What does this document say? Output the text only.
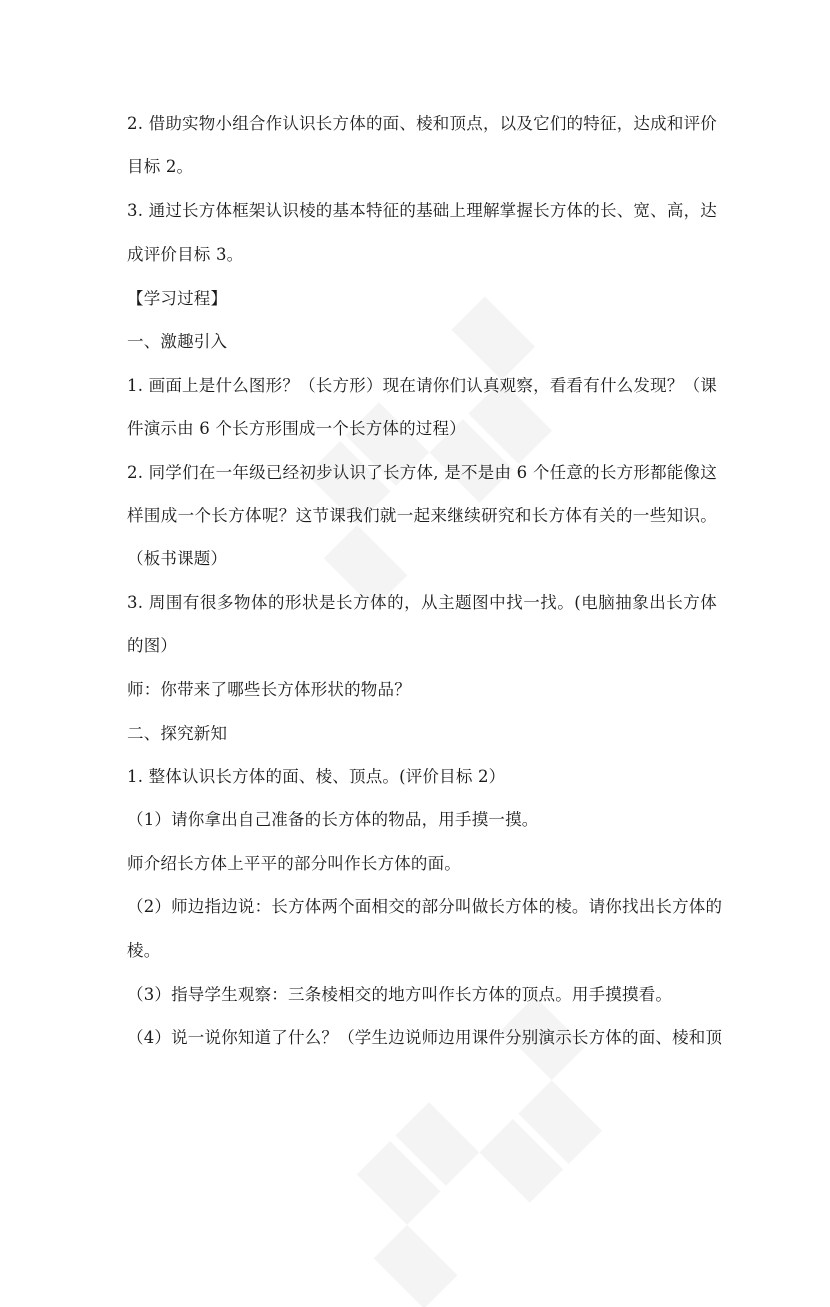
2. 借助实物小组合作认识长方体的面、棱和顶点，以及它们的特征，达成和评价
目标 2。
3. 通过长方体框架认识棱的基本特征的基础上理解掌握长方体的长、宽、高，达
成评价目标 3。
【学习过程】
一、激趣引入
1. 画面上是什么图形？（长方形）现在请你们认真观察，看看有什么发现？（课
件演示由 6 个长方形围成一个长方体的过程）
2. 同学们在一年级已经初步认识了长方体, 是不是由 6 个任意的长方形都能像这
样围成一个长方体呢？这节课我们就一起来继续研究和长方体有关的一些知识。
（板书课题）
3. 周围有很多物体的形状是长方体的，从主题图中找一找。(电脑抽象出长方体
的图）
师：你带来了哪些长方体形状的物品？
二、探究新知
1. 整体认识长方体的面、棱、顶点。(评价目标 2）
（1）请你拿出自己准备的长方体的物品，用手摸一摸。
师介绍长方体上平平的部分叫作长方体的面。
（2）师边指边说：长方体两个面相交的部分叫做长方体的棱。请你找出长方体的
棱。
（3）指导学生观察：三条棱相交的地方叫作长方体的顶点。用手摸摸看。
（4）说一说你知道了什么？（学生边说师边用课件分别演示长方体的面、棱和顶
